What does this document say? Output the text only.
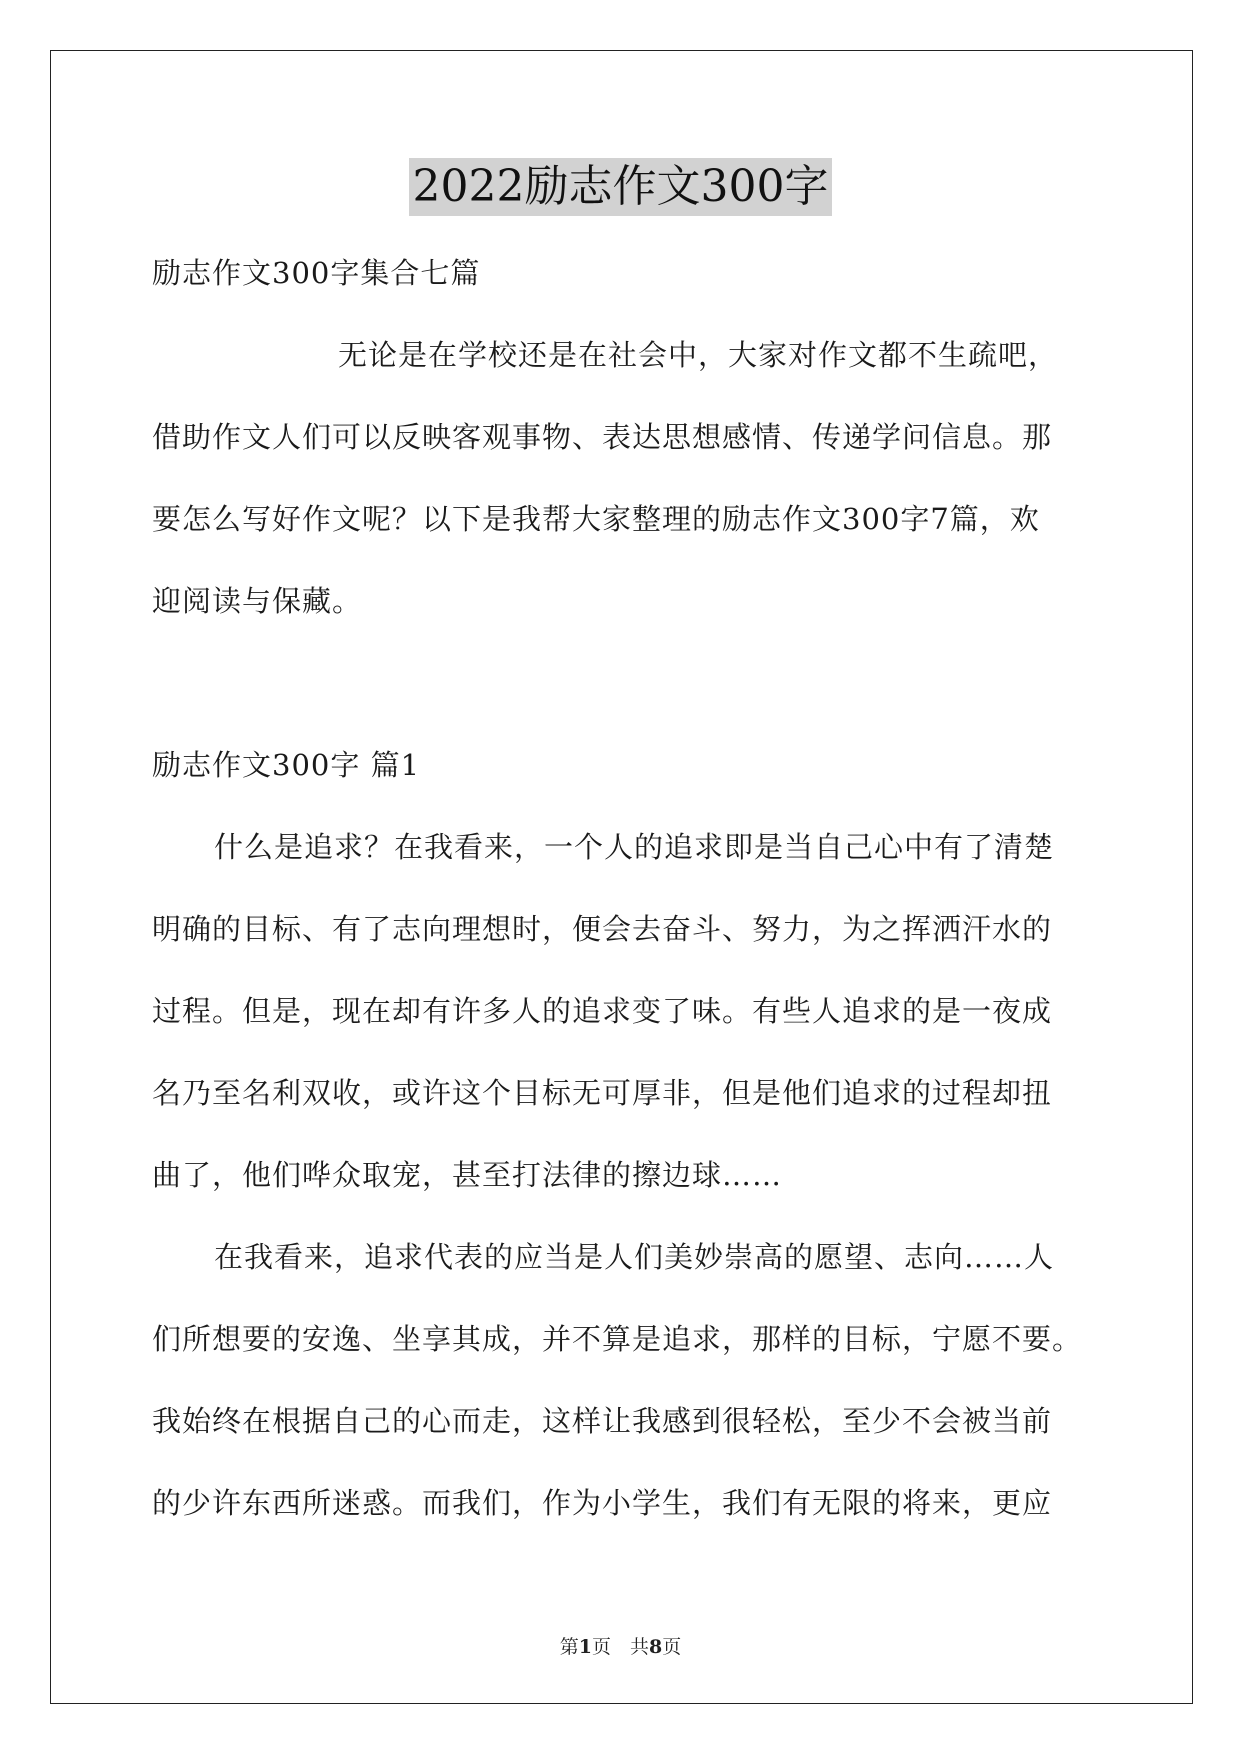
2022励志作文300字
励志作文300字集合七篇
无论是在学校还是在社会中，大家对作文都不生疏吧，
借助作文人们可以反映客观事物、表达思想感情、传递学问信息。那
要怎么写好作文呢？以下是我帮大家整理的励志作文300字7篇，欢
迎阅读与保藏。
励志作文300字 篇1
什么是追求？在我看来，一个人的追求即是当自己心中有了清楚
明确的目标、有了志向理想时，便会去奋斗、努力，为之挥洒汗水的
过程。但是，现在却有许多人的追求变了味。有些人追求的是一夜成
名乃至名利双收，或许这个目标无可厚非，但是他们追求的过程却扭
曲了，他们哗众取宠，甚至打法律的擦边球……
在我看来，追求代表的应当是人们美妙崇高的愿望、志向……人
们所想要的安逸、坐享其成，并不算是追求，那样的目标，宁愿不要。
我始终在根据自己的心而走，这样让我感到很轻松，至少不会被当前
的少许东西所迷惑。而我们，作为小学生，我们有无限的将来，更应
第1页　共8页
